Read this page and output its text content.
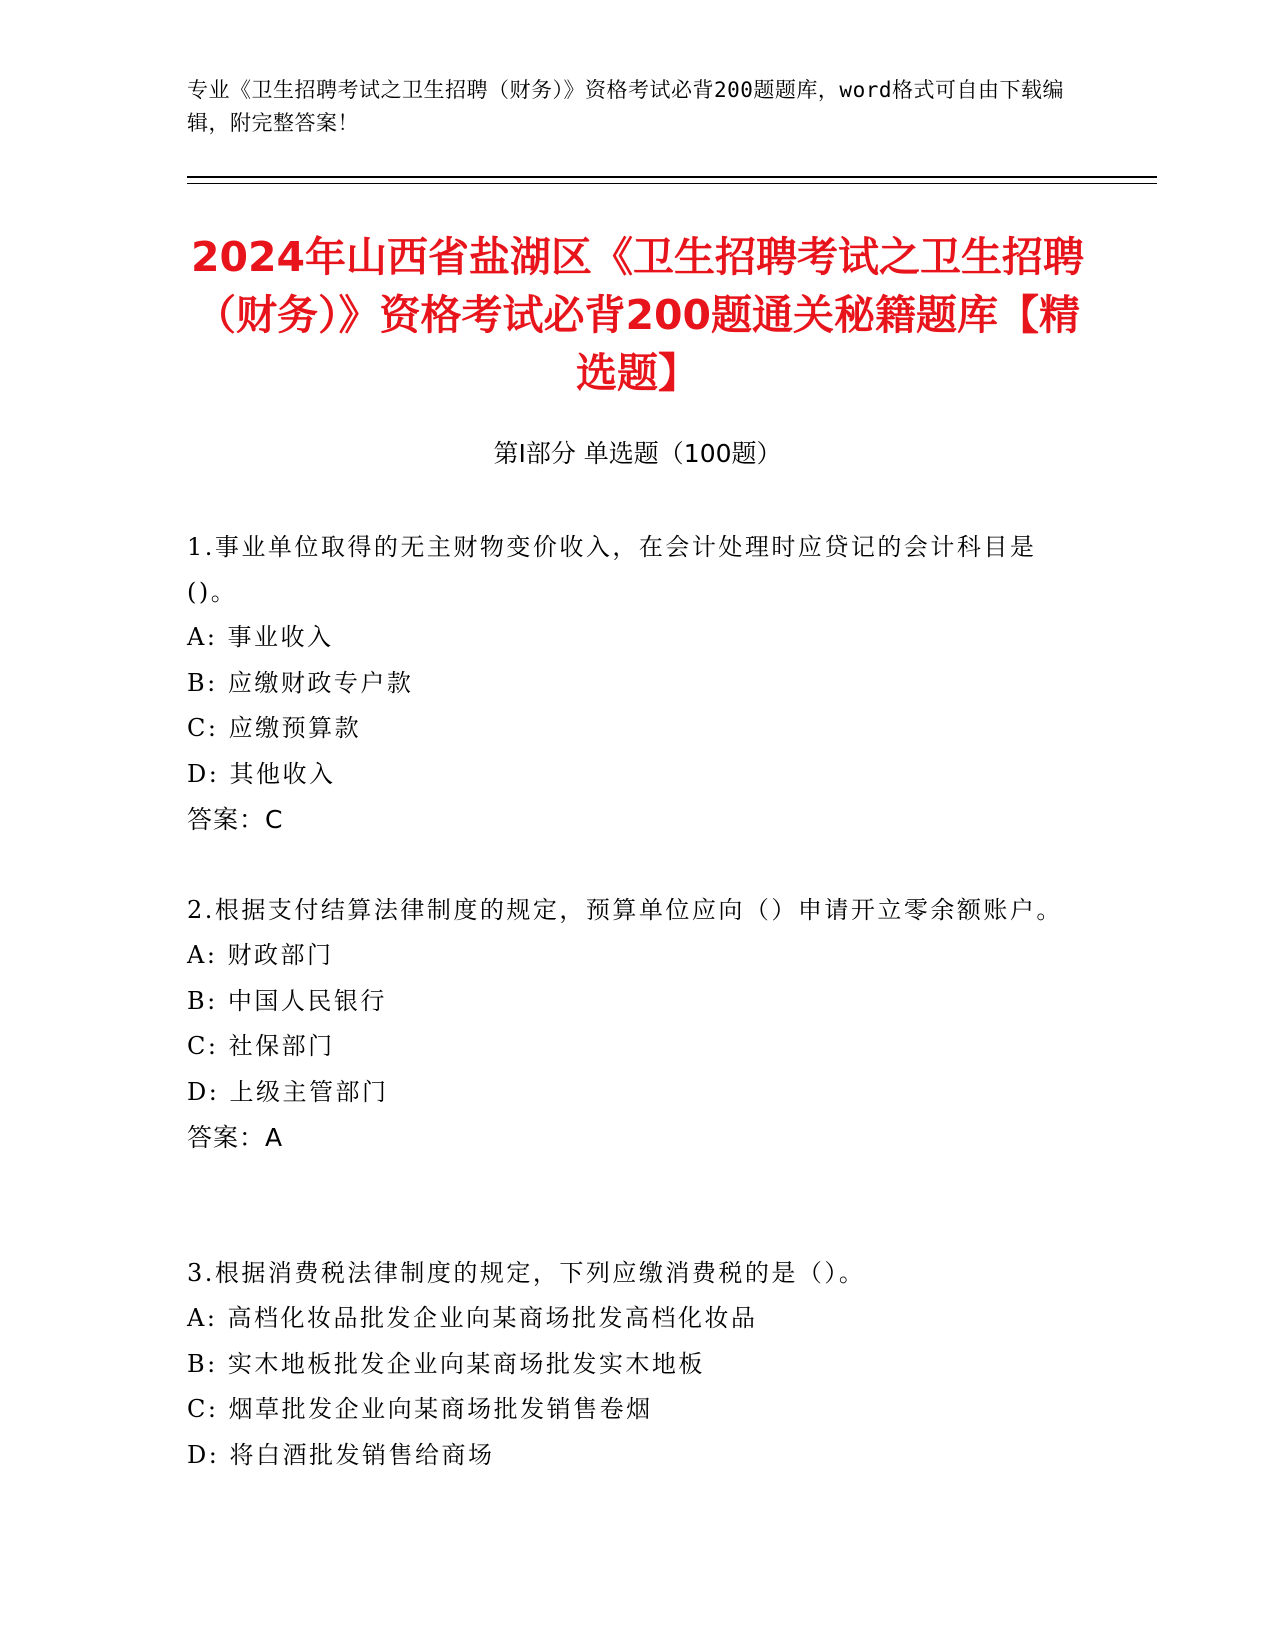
专业《卫生招聘考试之卫生招聘（财务）》资格考试必背200题题库，word格式可自由下载编辑，附完整答案！
2024年山西省盐湖区《卫生招聘考试之卫生招聘（财务）》资格考试必背200题通关秘籍题库【精选题】
第Ⅰ部分 单选题（100题）
1.事业单位取得的无主财物变价收入，在会计处理时应贷记的会计科目是()。
A: 事业收入
B: 应缴财政专户款
C: 应缴预算款
D: 其他收入
答案：C
2.根据支付结算法律制度的规定，预算单位应向（）申请开立零余额账户。
A: 财政部门
B: 中国人民银行
C: 社保部门
D: 上级主管部门
答案：A
3.根据消费税法律制度的规定，下列应缴消费税的是（）。
A: 高档化妆品批发企业向某商场批发高档化妆品
B: 实木地板批发企业向某商场批发实木地板
C: 烟草批发企业向某商场批发销售卷烟
D: 将白酒批发销售给商场
